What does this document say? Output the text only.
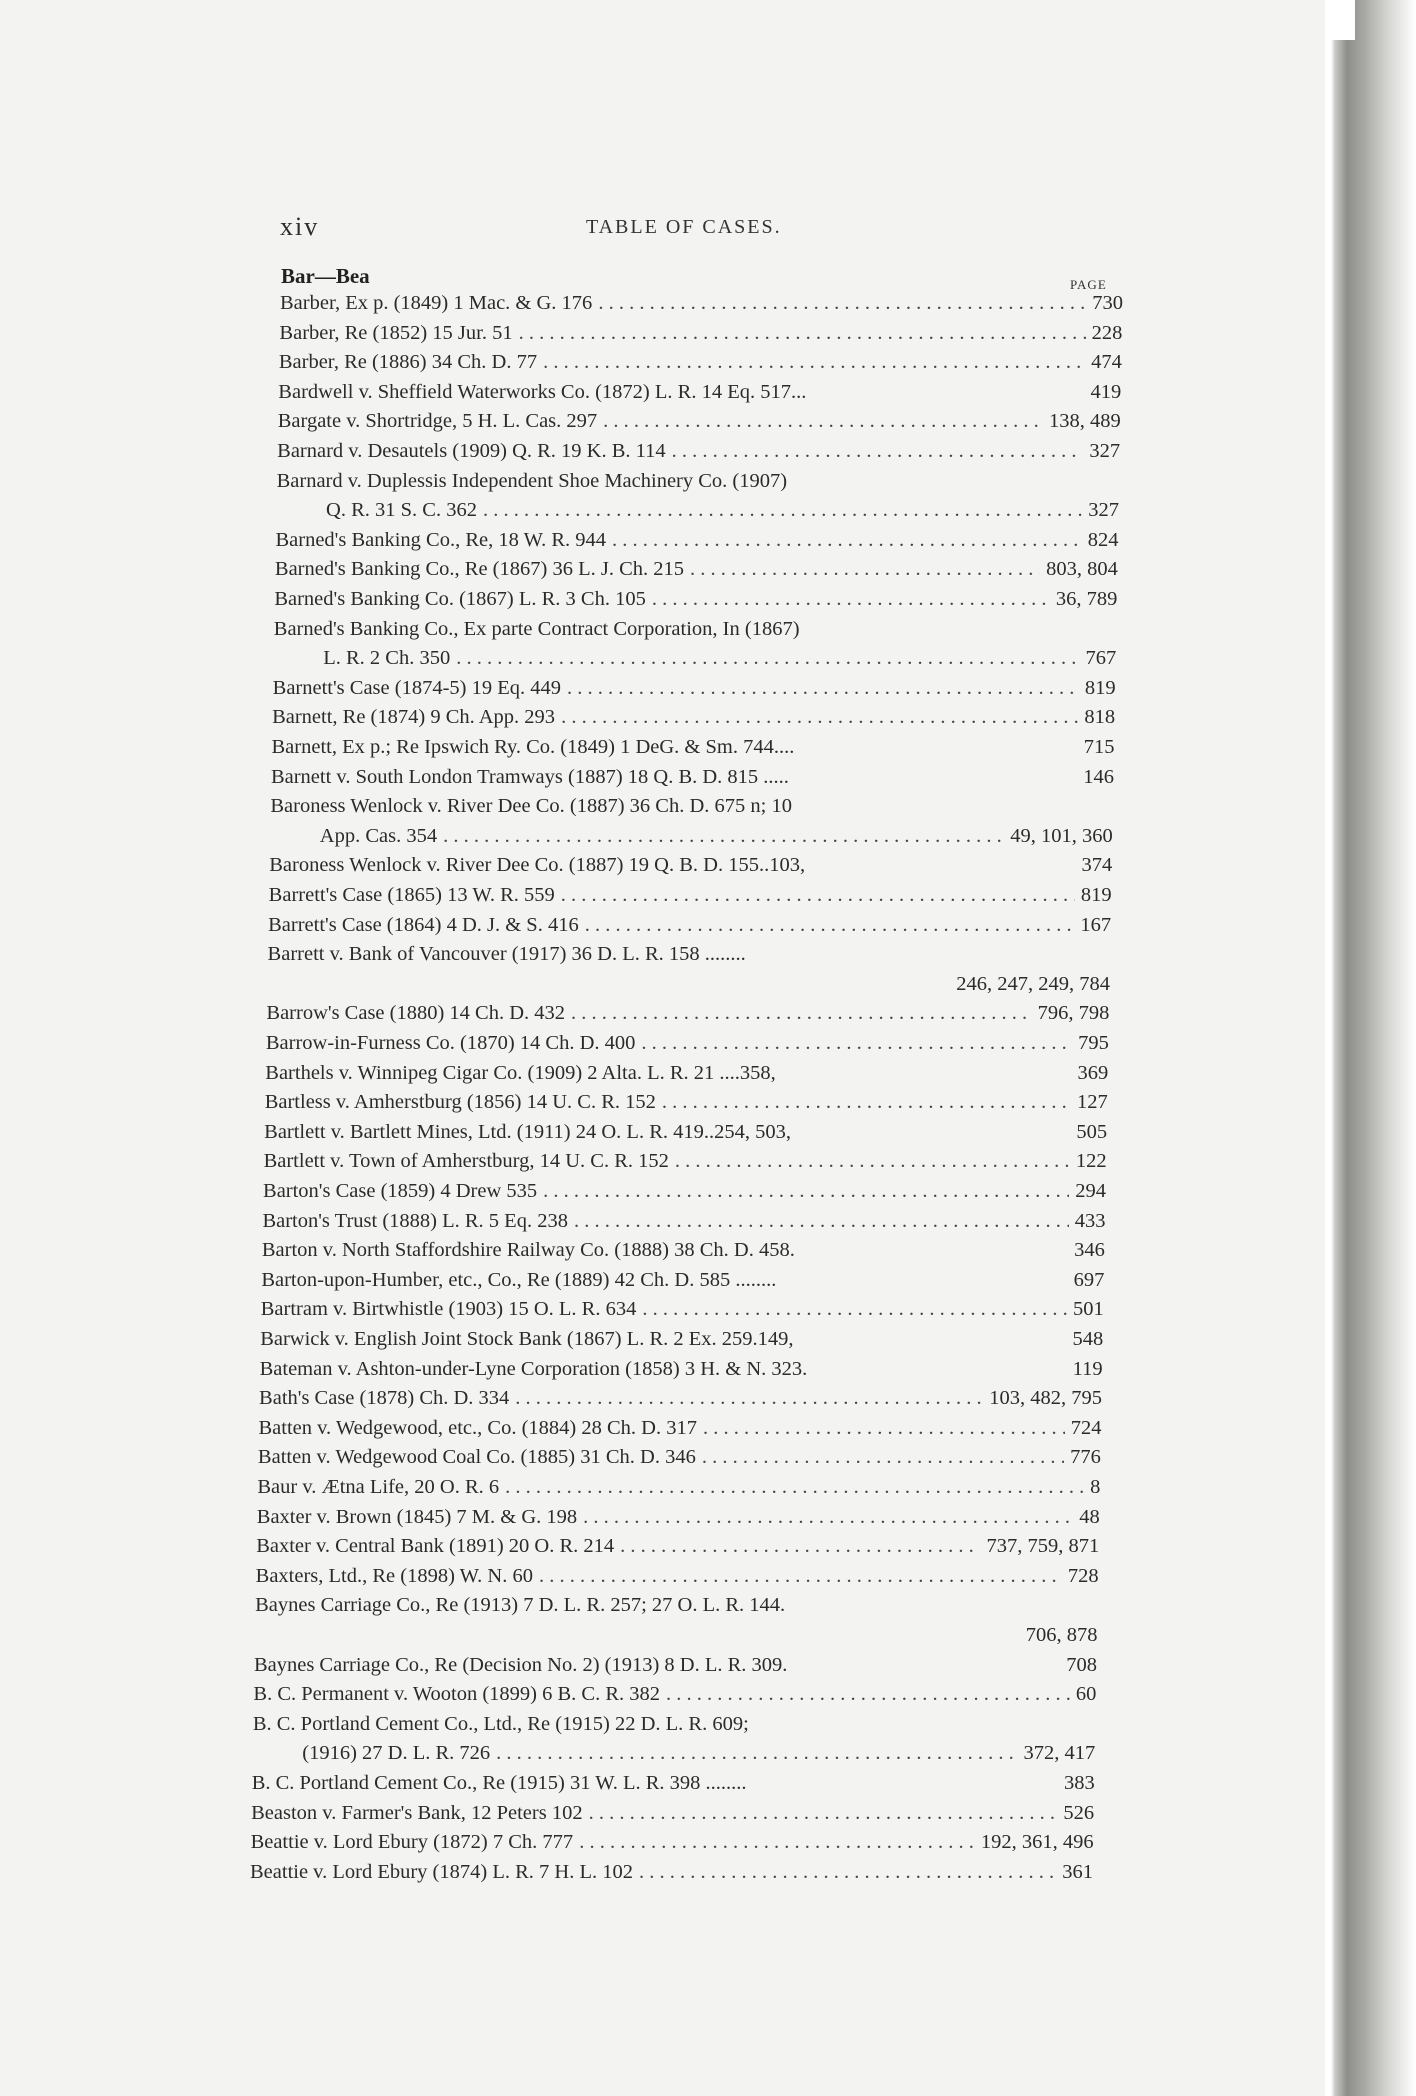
xiv	TABLE OF CASES.
Bar—Bea	PAGE
Barber, Ex p. (1849) 1 Mac. & G. 176 . . .	730
Barber, Re (1852) 15 Jur. 51 . . .	228
Barber, Re (1886) 34 Ch. D. 77 . . .	474
Bardwell v. Sheffield Waterworks Co. (1872) L. R. 14 Eq. 517...	419
Bargate v. Shortridge, 5 H. L. Cas. 297 . . .	138, 489
Barnard v. Desautels (1909) Q. R. 19 K. B. 114 . . .	327
Barnard v. Duplessis Independent Shoe Machinery Co. (1907)
Q. R. 31 S. C. 362 . . .	327
Barned's Banking Co., Re, 18 W. R. 944 . . .	824
Barned's Banking Co., Re (1867) 36 L. J. Ch. 215 . . .	803, 804
Barned's Banking Co. (1867) L. R. 3 Ch. 105 . . .	36, 789
Barned's Banking Co., Ex parte Contract Corporation, In (1867)
L. R. 2 Ch. 350 . . .	767
Barnett's Case (1874-5) 19 Eq. 449 . . .	819
Barnett, Re (1874) 9 Ch. App. 293 . . .	818
Barnett, Ex p.; Re Ipswich Ry. Co. (1849) 1 DeG. & Sm. 744....	715
Barnett v. South London Tramways (1887) 18 Q. B. D. 815 .....	146
Baroness Wenlock v. River Dee Co. (1887) 36 Ch. D. 675 n; 10
App. Cas. 354 . . .	49, 101, 360
Baroness Wenlock v. River Dee Co. (1887) 19 Q. B. D. 155..103,	374
Barrett's Case (1865) 13 W. R. 559 . . .	819
Barrett's Case (1864) 4 D. J. & S. 416 . . .	167
Barrett v. Bank of Vancouver (1917) 36 D. L. R. 158 ........
246, 247, 249, 784
Barrow's Case (1880) 14 Ch. D. 432 . . .	796, 798
Barrow-in-Furness Co. (1870) 14 Ch. D. 400 . . .	795
Barthels v. Winnipeg Cigar Co. (1909) 2 Alta. L. R. 21 ....358,	369
Bartless v. Amherstburg (1856) 14 U. C. R. 152 . . .	127
Bartlett v. Bartlett Mines, Ltd. (1911) 24 O. L. R. 419..254, 503,	505
Bartlett v. Town of Amherstburg, 14 U. C. R. 152 . . .	122
Barton's Case (1859) 4 Drew 535 . . .	294
Barton's Trust (1888) L. R. 5 Eq. 238 . . .	433
Barton v. North Staffordshire Railway Co. (1888) 38 Ch. D. 458.	346
Barton-upon-Humber, etc., Co., Re (1889) 42 Ch. D. 585 ........	697
Bartram v. Birtwhistle (1903) 15 O. L. R. 634 . . .	501
Barwick v. English Joint Stock Bank (1867) L. R. 2 Ex. 259.149,	548
Bateman v. Ashton-under-Lyne Corporation (1858) 3 H. & N. 323.	119
Bath's Case (1878) Ch. D. 334 . . .	103, 482, 795
Batten v. Wedgewood, etc., Co. (1884) 28 Ch. D. 317 . . .	724
Batten v. Wedgewood Coal Co. (1885) 31 Ch. D. 346 . . .	776
Baur v. Ætna Life, 20 O. R. 6 . . .	8
Baxter v. Brown (1845) 7 M. & G. 198 . . .	48
Baxter v. Central Bank (1891) 20 O. R. 214 . . .	737, 759, 871
Baxters, Ltd., Re (1898) W. N. 60 . . .	728
Baynes Carriage Co., Re (1913) 7 D. L. R. 257; 27 O. L. R. 144.
706, 878
Baynes Carriage Co., Re (Decision No. 2) (1913) 8 D. L. R. 309.	708
B. C. Permanent v. Wooton (1899) 6 B. C. R. 382 . . .	60
B. C. Portland Cement Co., Ltd., Re (1915) 22 D. L. R. 609;
(1916) 27 D. L. R. 726 . . .	372, 417
B. C. Portland Cement Co., Re (1915) 31 W. L. R. 398 ........	383
Beaston v. Farmer's Bank, 12 Peters 102 . . .	526
Beattie v. Lord Ebury (1872) 7 Ch. 777 . . .	192, 361, 496
Beattie v. Lord Ebury (1874) L. R. 7 H. L. 102 . . .	361
